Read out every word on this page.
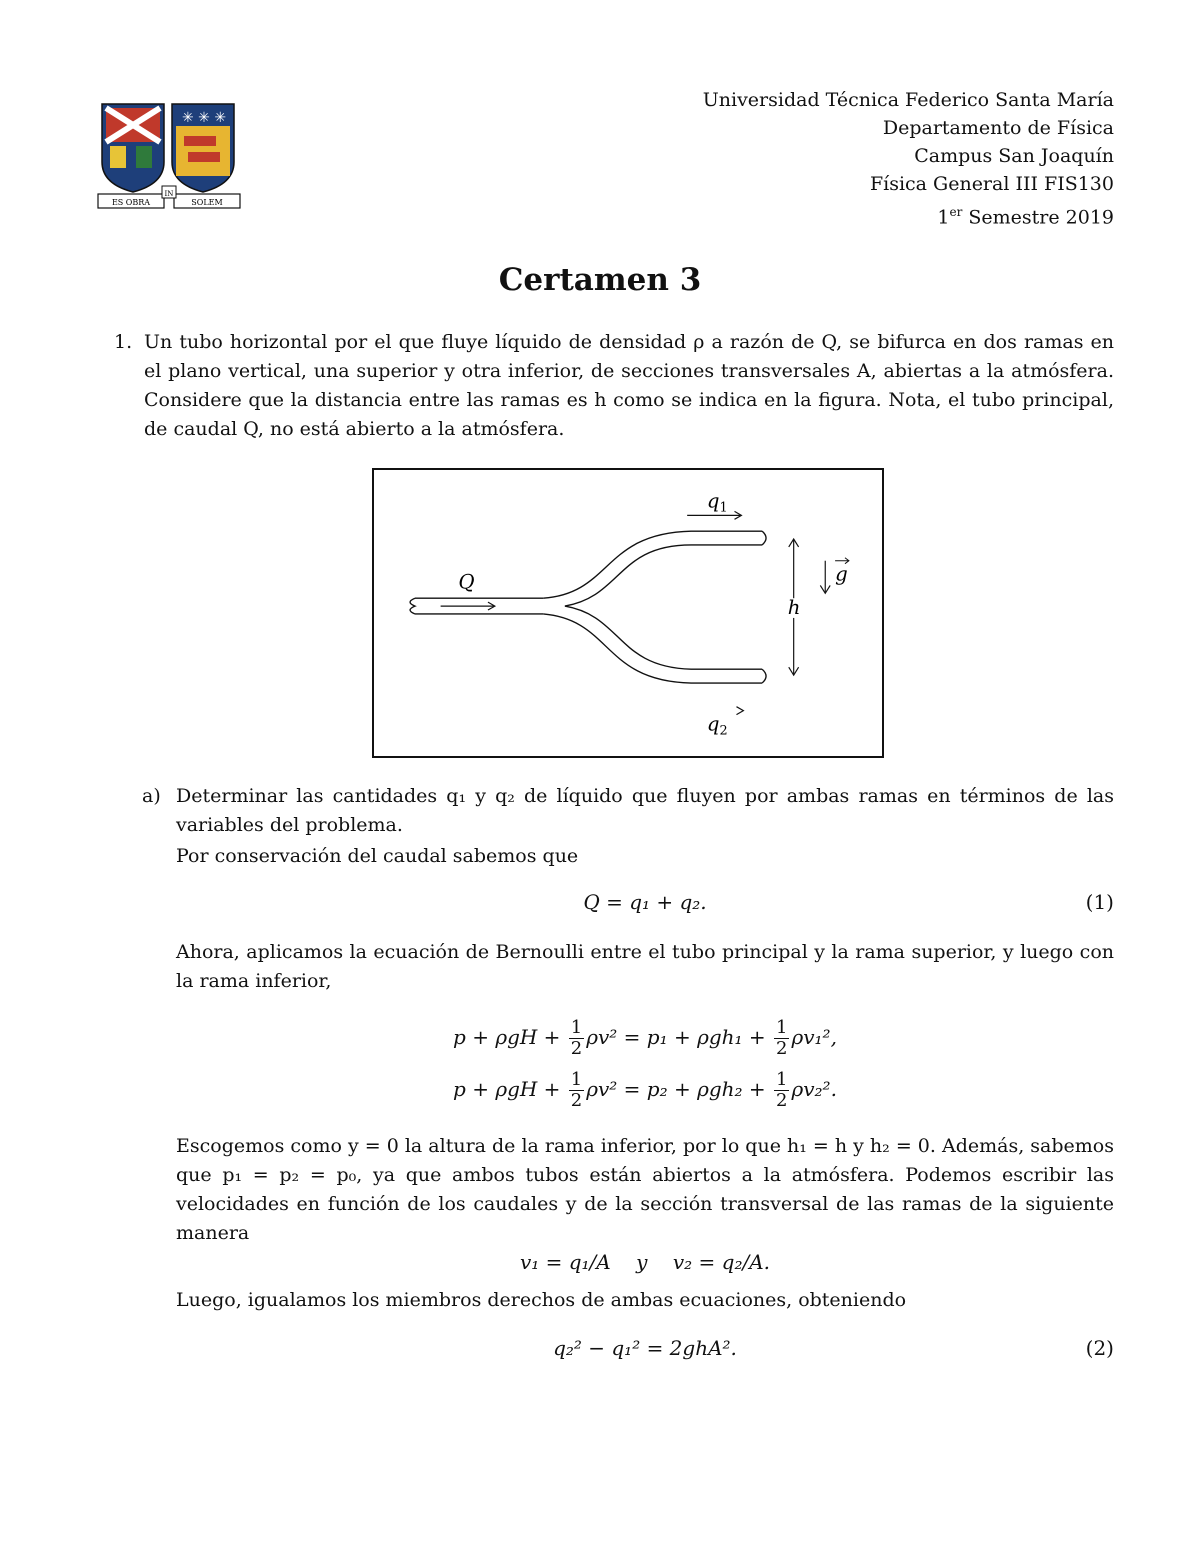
✳ ✳ ✳
ES OBRA
IN
SOLEM
Universidad Técnica Federico Santa María
Departamento de Física
Campus San Joaquín
Física General III FIS130
1er Semestre 2019
Certamen 3
1. Un tubo horizontal por el que fluye líquido de densidad ρ a razón de Q, se bifurca en dos ramas en el plano vertical, una superior y otra inferior, de secciones transversales A, abiertas a la atmósfera. Considere que la distancia entre las ramas es h como se indica en la figura. Nota, el tubo principal, de caudal Q, no está abierto a la atmósfera.
Q
$q_1$
$q_2$
h
g
a) Determinar las cantidades q₁ y q₂ de líquido que fluyen por ambas ramas en términos de las variables del problema.
Por conservación del caudal sabemos que
Q = q₁ + q₂.	(1)
Ahora, aplicamos la ecuación de Bernoulli entre el tubo principal y la rama superior, y luego con la rama inferior,
$p + \rho gH + \frac{1}{2} \rho v^2 = p_1 + \rho gh_1 + \frac{1}{2} \rho v_1^2$,
$p + \rho gH + \frac{1}{2} \rho v^2 = p_2 + \rho gh_2 + \frac{1}{2} \rho v_2^2$.
Escogemos como y = 0 la altura de la rama inferior, por lo que h₁ = h y h₂ = 0. Además, sabemos que p₁ = p₂ = p₀, ya que ambos tubos están abiertos a la atmósfera. Podemos escribir las velocidades en función de los caudales y de la sección transversal de las ramas de la siguiente manera
v₁ = q₁/A    y    v₂ = q₂/A.
Luego, igualamos los miembros derechos de ambas ecuaciones, obteniendo
q₂² − q₁² = 2ghA².	(2)
